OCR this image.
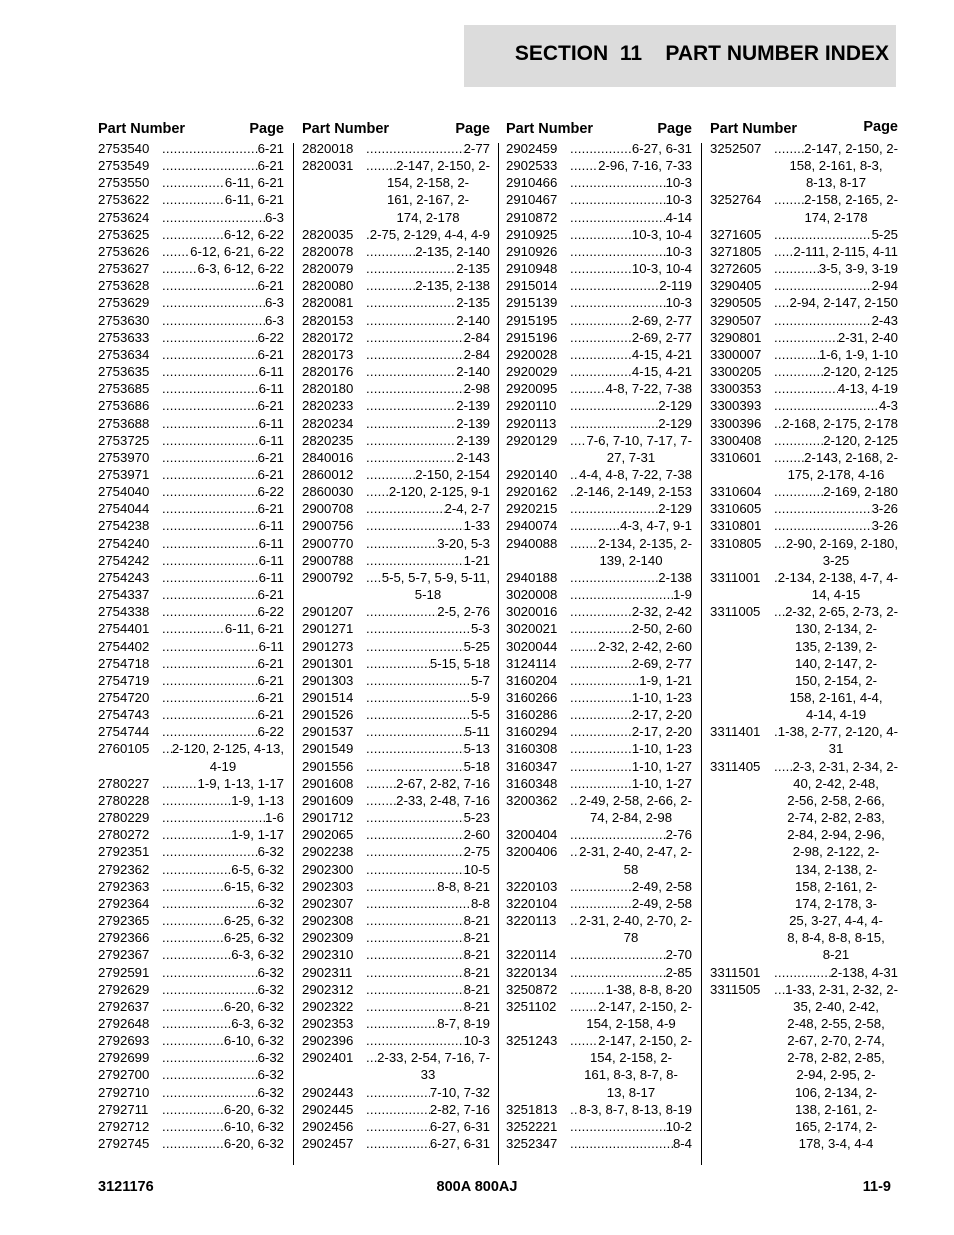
SECTION  11    PART NUMBER INDEX
Part Number	Page
2753540 .....	6-21
2753549 .....	6-21
2753550 .....	6-11, 6-21
2753622 .....	6-11, 6-21
2753624 .....	6-3
2753625 .....	6-12, 6-22
2753626 .....	6-12, 6-21, 6-22
2753627 .....	6-3, 6-12, 6-22
2753628 .....	6-21
2753629 .....	6-3
2753630 .....	6-3
2753633 .....	6-22
2753634 .....	6-21
2753635 .....	6-11
2753685 .....	6-11
2753686 .....	6-21
2753688 .....	6-11
2753725 .....	6-11
2753970 .....	6-21
2753971 .....	6-21
2754040 .....	6-22
2754044 .....	6-21
2754238 .....	6-11
2754240 .....	6-11
2754242 .....	6-11
2754243 .....	6-11
2754337 .....	6-21
2754338 .....	6-22
2754401 .....	6-11, 6-21
2754402 .....	6-11
2754718 .....	6-21
2754719 .....	6-21
2754720 .....	6-21
2754743 .....	6-21
2754744 .....	6-22
2760105 .....	2-120, 2-125, 4-13,
4-19
2780227 .....	1-9, 1-13, 1-17
2780228 .....	1-9, 1-13
2780229 .....	1-6
2780272 .....	1-9, 1-17
2792351 .....	6-32
2792362 .....	6-5, 6-32
2792363 .....	6-15, 6-32
2792364 .....	6-32
2792365 .....	6-25, 6-32
2792366 .....	6-25, 6-32
2792367 .....	6-3, 6-32
2792591 .....	6-32
2792629 .....	6-32
2792637 .....	6-20, 6-32
2792648 .....	6-3, 6-32
2792693 .....	6-10, 6-32
2792699 .....	6-32
2792700 .....	6-32
2792710 .....	6-32
2792711 .....	6-20, 6-32
2792712 .....	6-10, 6-32
2792745 .....	6-20, 6-32
Part Number	Page
2820018 .....	2-77
2820031 .....	2-147, 2-150, 2-
154, 2-158, 2-
161, 2-167, 2-
174, 2-178
2820035 .....	2-75, 2-129, 4-4, 4-9
2820078 .....	2-135, 2-140
2820079 .....	2-135
2820080 .....	2-135, 2-138
2820081 .....	2-135
2820153 .....	2-140
2820172 .....	2-84
2820173 .....	2-84
2820176 .....	2-140
2820180 .....	2-98
2820233 .....	2-139
2820234 .....	2-139
2820235 .....	2-139
2840016 .....	2-143
2860012 .....	2-150, 2-154
2860030 .....	2-120, 2-125, 9-1
2900708 .....	2-4, 2-7
2900756 .....	1-33
2900770 .....	3-20, 5-3
2900788 .....	1-21
2900792 .....	5-5, 5-7, 5-9, 5-11,
5-18
2901207 .....	2-5, 2-76
2901271 .....	5-3
2901273 .....	5-25
2901301 .....	5-15, 5-18
2901303 .....	5-7
2901514 .....	5-9
2901526 .....	5-5
2901537 .....	5-11
2901549 .....	5-13
2901556 .....	5-18
2901608 .....	2-67, 2-82, 7-16
2901609 .....	2-33, 2-48, 7-16
2901712 .....	5-23
2902065 .....	2-60
2902238 .....	2-75
2902300 .....	10-5
2902303 .....	8-8, 8-21
2902307 .....	8-8
2902308 .....	8-21
2902309 .....	8-21
2902310 .....	8-21
2902311 .....	8-21
2902312 .....	8-21
2902322 .....	8-21
2902353 .....	8-7, 8-19
2902396 .....	10-3
2902401 .....	2-33, 2-54, 7-16, 7-
33
2902443 .....	7-10, 7-32
2902445 .....	2-82, 7-16
2902456 .....	6-27, 6-31
2902457 .....	6-27, 6-31
Part Number	Page
2902459 .....	6-27, 6-31
2902533 .....	2-96, 7-16, 7-33
2910466 .....	10-3
2910467 .....	10-3
2910872 .....	4-14
2910925 .....	10-3, 10-4
2910926 .....	10-3
2910948 .....	10-3, 10-4
2915014 .....	2-119
2915139 .....	10-3
2915195 .....	2-69, 2-77
2915196 .....	2-69, 2-77
2920028 .....	4-15, 4-21
2920029 .....	4-15, 4-21
2920095 .....	4-8, 7-22, 7-38
2920110 .....	2-129
2920113 .....	2-129
2920129 .....	7-6, 7-10, 7-17, 7-
27, 7-31
2920140 .....	4-4, 4-8, 7-22, 7-38
2920162 .....	2-146, 2-149, 2-153
2920215 .....	2-129
2940074 .....	4-3, 4-7, 9-1
2940088 .....	2-134, 2-135, 2-
139, 2-140
2940188 .....	2-138
3020008 .....	1-9
3020016 .....	2-32, 2-42
3020021 .....	2-50, 2-60
3020044 .....	2-32, 2-42, 2-60
3124114 .....	2-69, 2-77
3160204 .....	1-9, 1-21
3160266 .....	1-10, 1-23
3160286 .....	2-17, 2-20
3160294 .....	2-17, 2-20
3160308 .....	1-10, 1-23
3160347 .....	1-10, 1-27
3160348 .....	1-10, 1-27
3200362 .....	2-49, 2-58, 2-66, 2-
74, 2-84, 2-98
3200404 .....	2-76
3200406 .....	2-31, 2-40, 2-47, 2-
58
3220103 .....	2-49, 2-58
3220104 .....	2-49, 2-58
3220113 .....	2-31, 2-40, 2-70, 2-
78
3220114 .....	2-70
3220134 .....	2-85
3250872 .....	1-38, 8-8, 8-20
3251102 .....	2-147, 2-150, 2-
154, 2-158, 4-9
3251243 .....	2-147, 2-150, 2-
154, 2-158, 2-
161, 8-3, 8-7, 8-
13, 8-17
3251813 .....	8-3, 8-7, 8-13, 8-19
3252221 .....	10-2
3252347 .....	8-4
Part Number	Page
3252507 .....	2-147, 2-150, 2-
158, 2-161, 8-3,
8-13, 8-17
3252764 .....	2-158, 2-165, 2-
174, 2-178
3271605 .....	5-25
3271805 .....	2-111, 2-115, 4-11
3272605 .....	3-5, 3-9, 3-19
3290405 .....	2-94
3290505 .....	2-94, 2-147, 2-150
3290507 .....	2-43
3290801 .....	2-31, 2-40
3300007 .....	1-6, 1-9, 1-10
3300205 .....	2-120, 2-125
3300353 .....	4-13, 4-19
3300393 .....	4-3
3300396 .....	2-168, 2-175, 2-178
3300408 .....	2-120, 2-125
3310601 .....	2-143, 2-168, 2-
175, 2-178, 4-16
3310604 .....	2-169, 2-180
3310605 .....	3-26
3310801 .....	3-26
3310805 .....	2-90, 2-169, 2-180,
3-25
3311001 .....	2-134, 2-138, 4-7, 4-
14, 4-15
3311005 .....	2-32, 2-65, 2-73, 2-
130, 2-134, 2-
135, 2-139, 2-
140, 2-147, 2-
150, 2-154, 2-
158, 2-161, 4-4,
4-14, 4-19
3311401 .....	1-38, 2-77, 2-120, 4-
31
3311405 .....	2-3, 2-31, 2-34, 2-
40, 2-42, 2-48,
2-56, 2-58, 2-66,
2-74, 2-82, 2-83,
2-84, 2-94, 2-96,
2-98, 2-122, 2-
134, 2-138, 2-
158, 2-161, 2-
174, 2-178, 3-
25, 3-27, 4-4, 4-
8, 8-4, 8-8, 8-15,
8-21
3311501 .....	2-138, 4-31
3311505 .....	1-33, 2-31, 2-32, 2-
35, 2-40, 2-42,
2-48, 2-55, 2-58,
2-67, 2-70, 2-74,
2-78, 2-82, 2-85,
2-94, 2-95, 2-
106, 2-134, 2-
138, 2-161, 2-
165, 2-174, 2-
178, 3-4, 4-4
3121176	800A 800AJ	11-9
